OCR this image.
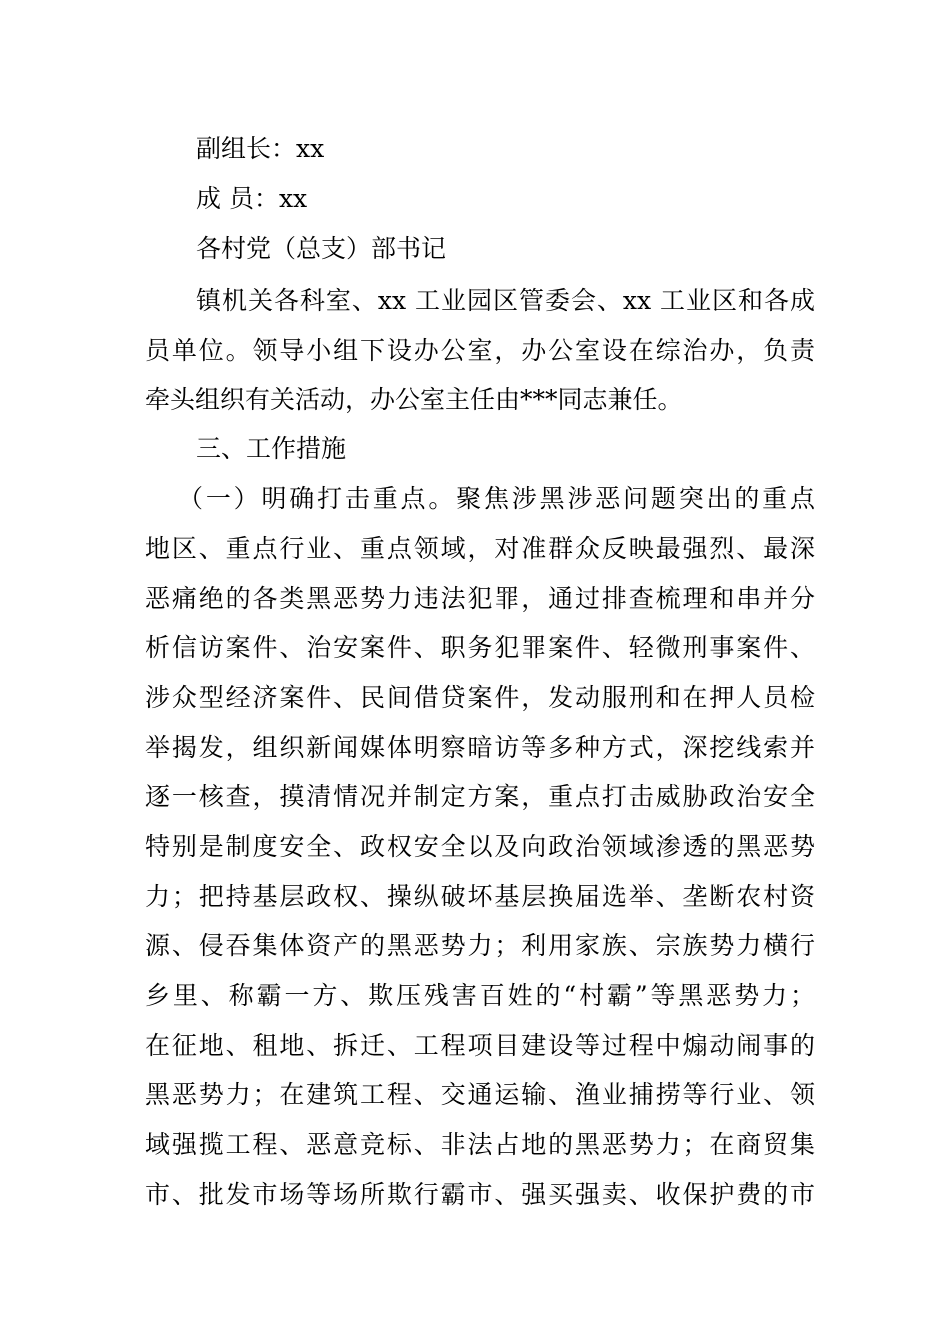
副组长：xx
成 员：xx
各村党（总支）部书记
镇机关各科室、xx 工业园区管委会、xx 工业区和各成
员单位。领导小组下设办公室，办公室设在综治办，负责
牵头组织有关活动，办公室主任由***同志兼任。
三、工作措施
（一）明确打击重点。聚焦涉黑涉恶问题突出的重点
地区、重点行业、重点领域，对准群众反映最强烈、最深
恶痛绝的各类黑恶势力违法犯罪，通过排查梳理和串并分
析信访案件、治安案件、职务犯罪案件、轻微刑事案件、
涉众型经济案件、民间借贷案件，发动服刑和在押人员检
举揭发，组织新闻媒体明察暗访等多种方式，深挖线索并
逐一核查，摸清情况并制定方案，重点打击威胁政治安全
特别是制度安全、政权安全以及向政治领域渗透的黑恶势
力；把持基层政权、操纵破坏基层换届选举、垄断农村资
源、侵吞集体资产的黑恶势力；利用家族、宗族势力横行
乡里、称霸一方、欺压残害百姓的“村霸”等黑恶势力；
在征地、租地、拆迁、工程项目建设等过程中煽动闹事的
黑恶势力；在建筑工程、交通运输、渔业捕捞等行业、领
域强揽工程、恶意竞标、非法占地的黑恶势力；在商贸集
市、批发市场等场所欺行霸市、强买强卖、收保护费的市
